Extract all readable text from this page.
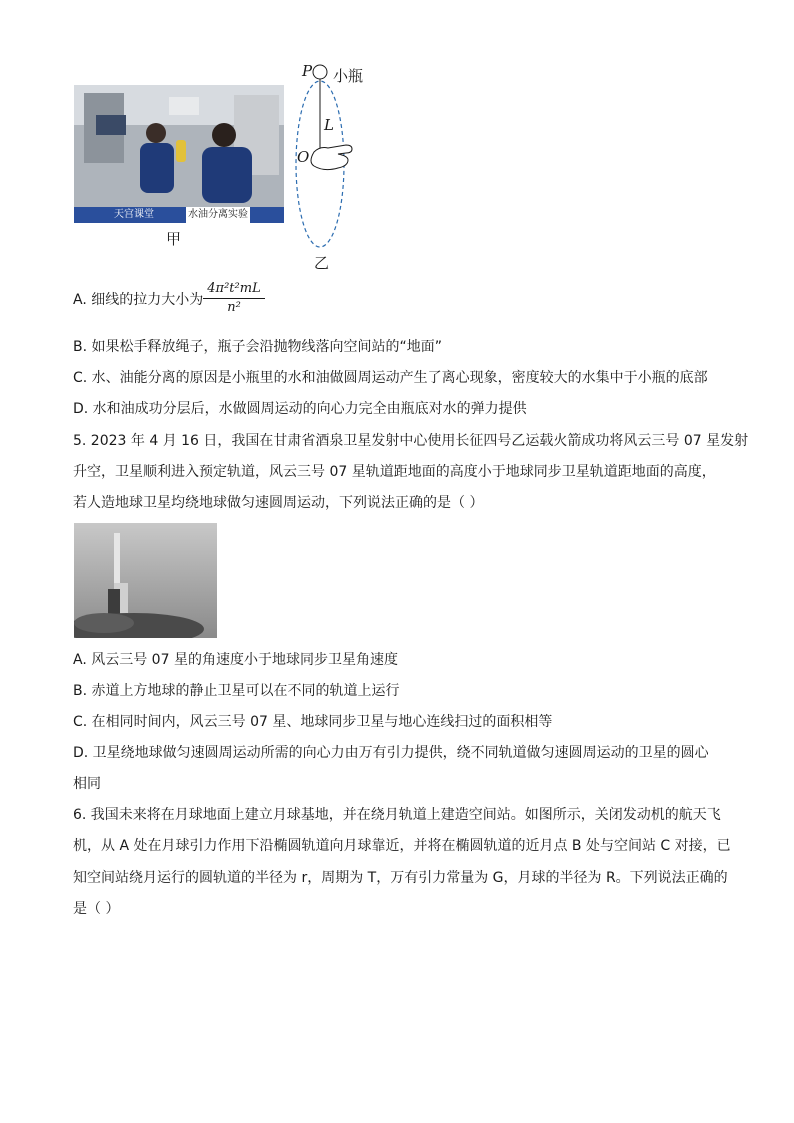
天宫课堂	水油分离实验
甲
P 小瓶
L
O
乙
A. 细线的拉力大小为
4π²t²mL
n²
B. 如果松手释放绳子，瓶子会沿抛物线落向空间站的“地面”
C. 水、油能分离的原因是小瓶里的水和油做圆周运动产生了离心现象，密度较大的水集中于小瓶的底部
D. 水和油成功分层后，水做圆周运动的向心力完全由瓶底对水的弹力提供
5. 2023 年 4 月 16 日，我国在甘肃省酒泉卫星发射中心使用长征四号乙运载火箭成功将风云三号 07 星发射
升空，卫星顺利进入预定轨道，风云三号 07 星轨道距地面的高度小于地球同步卫星轨道距地面的高度，
若人造地球卫星均绕地球做匀速圆周运动，下列说法正确的是（ ）
A. 风云三号 07 星的角速度小于地球同步卫星角速度
B. 赤道上方地球的静止卫星可以在不同的轨道上运行
C. 在相同时间内，风云三号 07 星、地球同步卫星与地心连线扫过的面积相等
D. 卫星绕地球做匀速圆周运动所需的向心力由万有引力提供，绕不同轨道做匀速圆周运动的卫星的圆心
相同
6. 我国未来将在月球地面上建立月球基地，并在绕月轨道上建造空间站。如图所示，关闭发动机的航天飞
机，从 A 处在月球引力作用下沿椭圆轨道向月球靠近，并将在椭圆轨道的近月点 B 处与空间站 C 对接，已
知空间站绕月运行的圆轨道的半径为 r，周期为 T，万有引力常量为 G，月球的半径为 R。下列说法正确的
是（ ）
